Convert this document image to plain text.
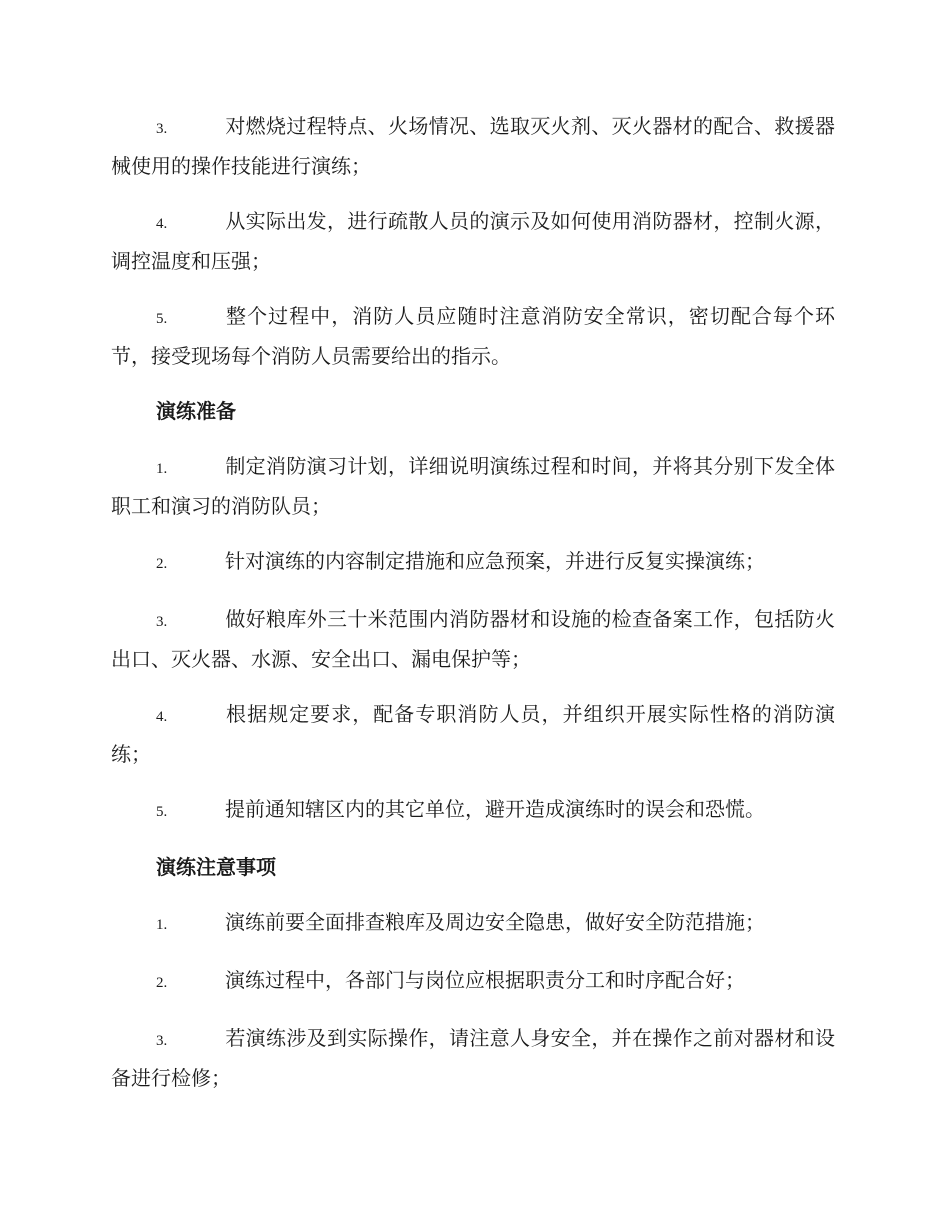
3.	对燃烧过程特点、火场情况、选取灭火剂、灭火器材的配合、救援器械使用的操作技能进行演练；

4.	从实际出发，进行疏散人员的演示及如何使用消防器材，控制火源，调控温度和压强；

5.	整个过程中，消防人员应随时注意消防安全常识，密切配合每个环节，接受现场每个消防人员需要给出的指示。

演练准备

1.	制定消防演习计划，详细说明演练过程和时间，并将其分别下发全体职工和演习的消防队员；

2.	针对演练的内容制定措施和应急预案，并进行反复实操演练；

3.	做好粮库外三十米范围内消防器材和设施的检查备案工作，包括防火出口、灭火器、水源、安全出口、漏电保护等；

4.	根据规定要求，配备专职消防人员，并组织开展实际性格的消防演练；

5.	提前通知辖区内的其它单位，避开造成演练时的误会和恐慌。

演练注意事项

1.	演练前要全面排查粮库及周边安全隐患，做好安全防范措施；

2.	演练过程中，各部门与岗位应根据职责分工和时序配合好；

3.	若演练涉及到实际操作，请注意人身安全，并在操作之前对器材和设备进行检修；
